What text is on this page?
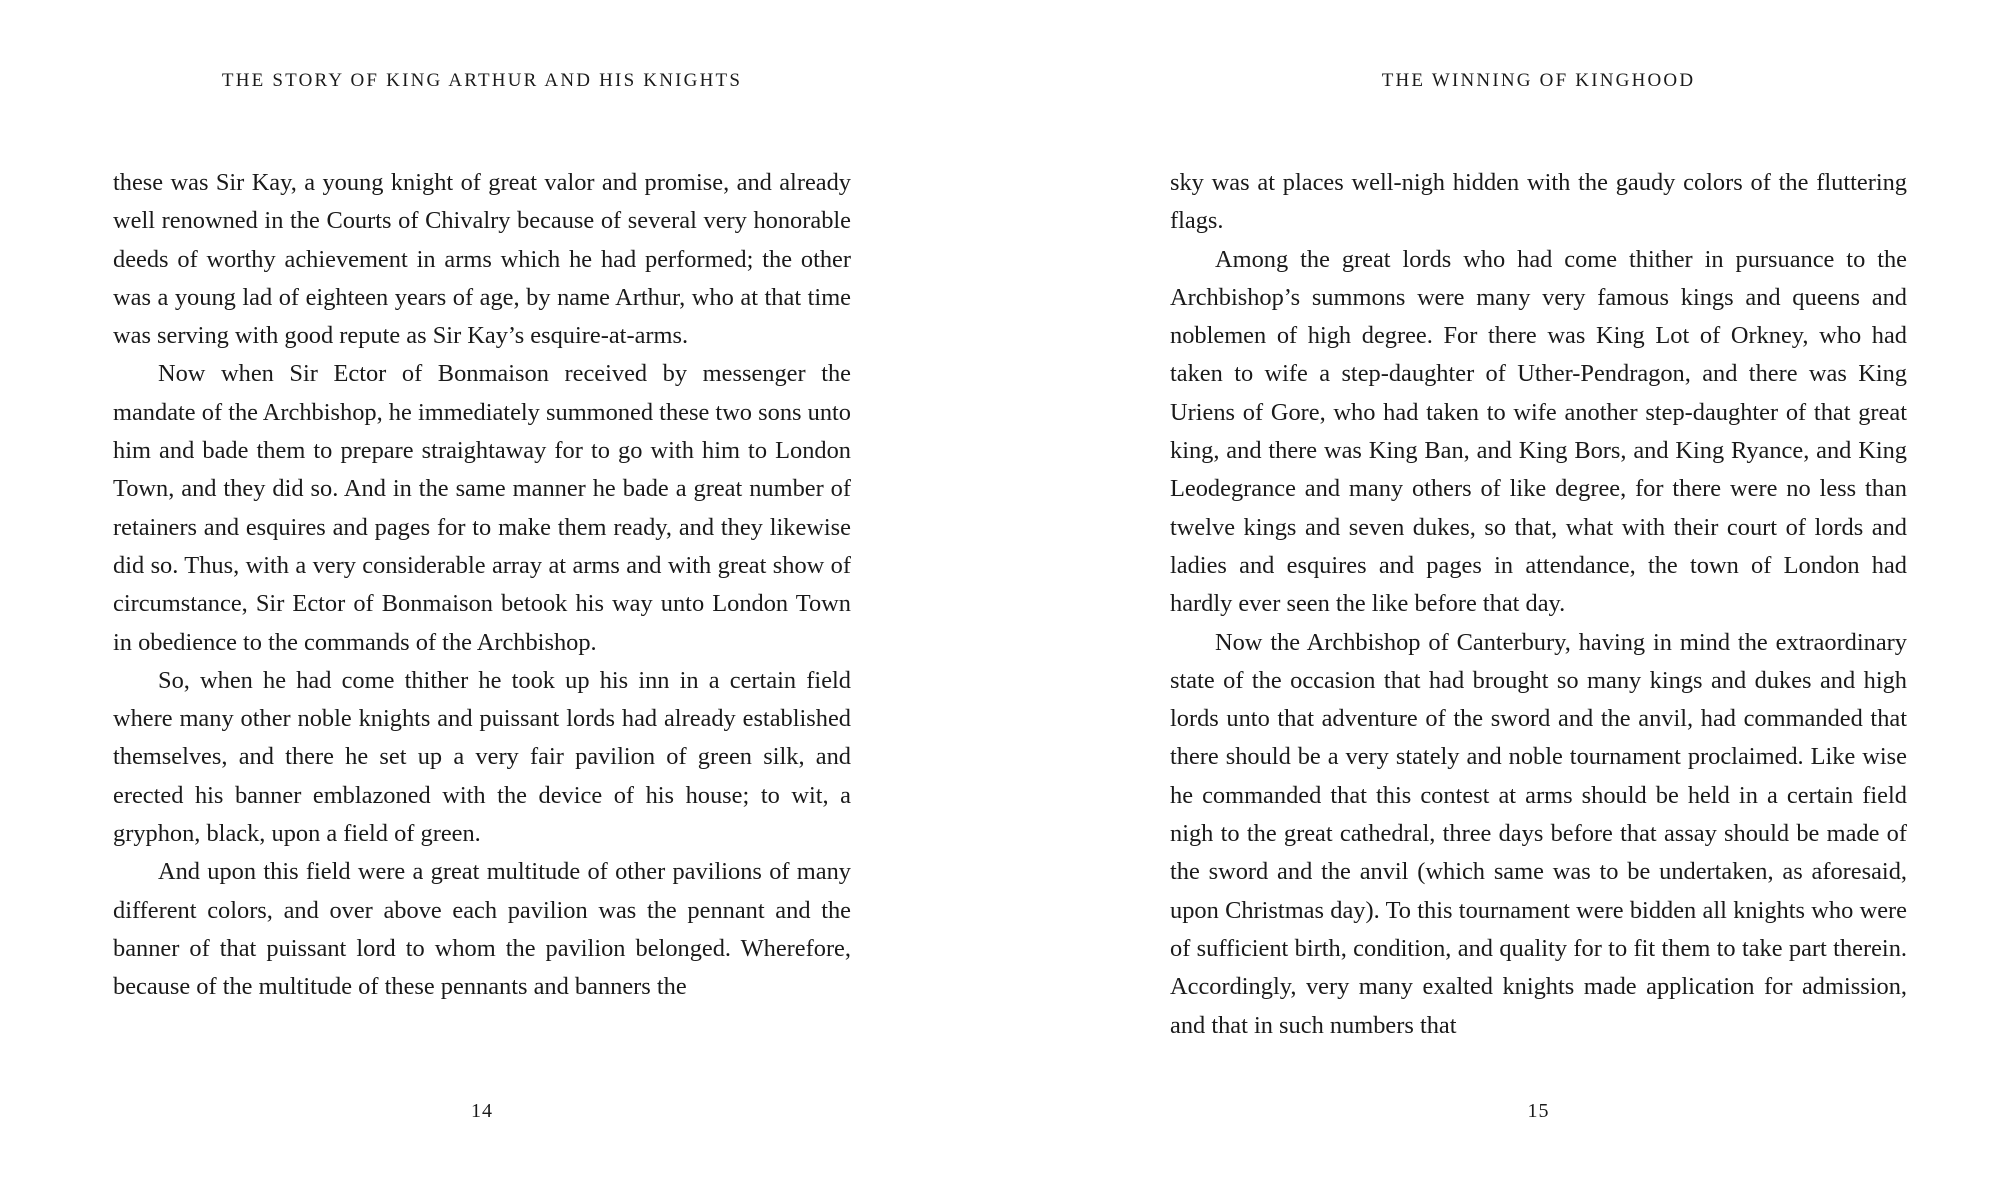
THE STORY OF KING ARTHUR AND HIS KNIGHTS

these was Sir Kay, a young knight of great valor and promise, and already well renowned in the Courts of Chivalry because of several very honorable deeds of worthy achievement in arms which he had performed; the other was a young lad of eighteen years of age, by name Arthur, who at that time was serving with good repute as Sir Kay’s esquire-at-arms.

Now when Sir Ector of Bonmaison received by messenger the mandate of the Archbishop, he immediately summoned these two sons unto him and bade them to prepare straightaway for to go with him to London Town, and they did so. And in the same manner he bade a great number of retainers and esquires and pages for to make them ready, and they likewise did so. Thus, with a very considerable array at arms and with great show of circumstance, Sir Ector of Bonmaison betook his way unto London Town in obedience to the commands of the Archbishop.

So, when he had come thither he took up his inn in a certain field where many other noble knights and puissant lords had already established themselves, and there he set up a very fair pavilion of green silk, and erected his banner emblazoned with the device of his house; to wit, a gryphon, black, upon a field of green.

And upon this field were a great multitude of other pavilions of many different colors, and over above each pavilion was the pennant and the banner of that puissant lord to whom the pavilion belonged. Wherefore, because of the multitude of these pennants and banners the

14
THE WINNING OF KINGHOOD

sky was at places well-nigh hidden with the gaudy colors of the fluttering flags.

Among the great lords who had come thither in pursuance to the Archbishop’s summons were many very famous kings and queens and noblemen of high degree. For there was King Lot of Orkney, who had taken to wife a step-daughter of Uther-Pendragon, and there was King Uriens of Gore, who had taken to wife another step-daughter of that great king, and there was King Ban, and King Bors, and King Ryance, and King Leodegrance and many others of like degree, for there were no less than twelve kings and seven dukes, so that, what with their court of lords and ladies and esquires and pages in attendance, the town of London had hardly ever seen the like before that day.

Now the Archbishop of Canterbury, having in mind the extraordinary state of the occasion that had brought so many kings and dukes and high lords unto that adventure of the sword and the anvil, had commanded that there should be a very stately and noble tournament proclaimed. Like wise he commanded that this contest at arms should be held in a certain field nigh to the great cathedral, three days before that assay should be made of the sword and the anvil (which same was to be undertaken, as aforesaid, upon Christmas day). To this tournament were bidden all knights who were of sufficient birth, condition, and quality for to fit them to take part therein. Accordingly, very many exalted knights made application for admission, and that in such numbers that

15
